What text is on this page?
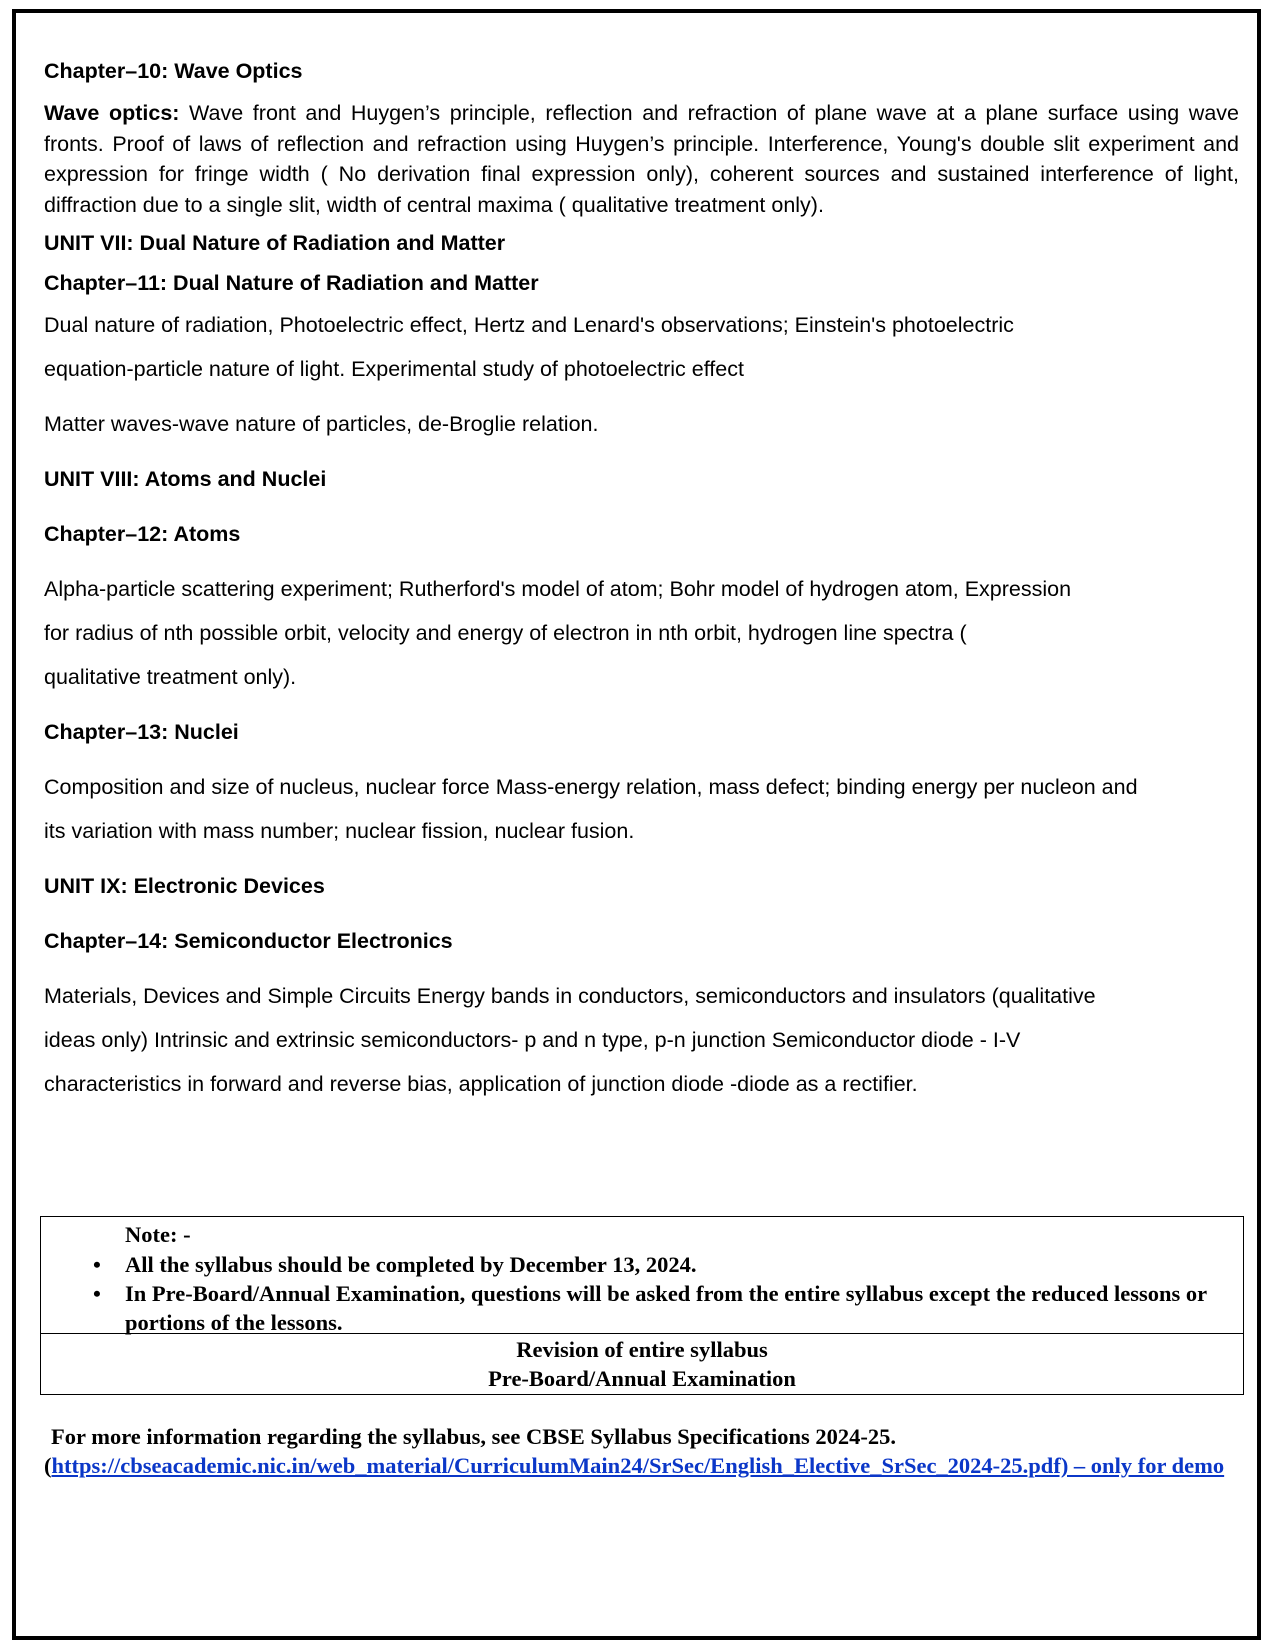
Chapter–10: Wave Optics

Wave optics: Wave front and Huygen’s principle, reflection and refraction of plane wave at a plane surface using wave fronts. Proof of laws of reflection and refraction using Huygen’s principle. Interference, Young's double slit experiment and expression for fringe width ( No derivation final expression only), coherent sources and sustained interference of light, diffraction due to a single slit, width of central maxima ( qualitative treatment only).

UNIT VII: Dual Nature of Radiation and Matter

Chapter–11: Dual Nature of Radiation and Matter

Dual nature of radiation, Photoelectric effect, Hertz and Lenard's observations; Einstein's photoelectric

equation-particle nature of light. Experimental study of photoelectric effect

Matter waves-wave nature of particles, de-Broglie relation.

UNIT VIII: Atoms and Nuclei

Chapter–12: Atoms

Alpha-particle scattering experiment; Rutherford's model of atom; Bohr model of hydrogen atom, Expression

for radius of nth possible orbit, velocity and energy of electron in nth orbit, hydrogen line spectra (

qualitative treatment only).

Chapter–13: Nuclei

Composition and size of nucleus, nuclear force Mass-energy relation, mass defect; binding energy per nucleon and

its variation with mass number; nuclear fission, nuclear fusion.

UNIT IX: Electronic Devices

Chapter–14: Semiconductor Electronics

Materials, Devices and Simple Circuits Energy bands in conductors, semiconductors and insulators (qualitative

ideas only) Intrinsic and extrinsic semiconductors- p and n type, p-n junction Semiconductor diode - I-V

characteristics in forward and reverse bias, application of junction diode -diode as a rectifier.

Note: -
• All the syllabus should be completed by December 13, 2024.
• In Pre-Board/Annual Examination, questions will be asked from the entire syllabus except the reduced lessons or portions of the lessons.
Revision of entire syllabus
Pre-Board/Annual Examination
For more information regarding the syllabus, see CBSE Syllabus Specifications 2024-25.
(https://cbseacademic.nic.in/web_material/CurriculumMain24/SrSec/English_Elective_SrSec_2024-25.pdf) – only for demo
